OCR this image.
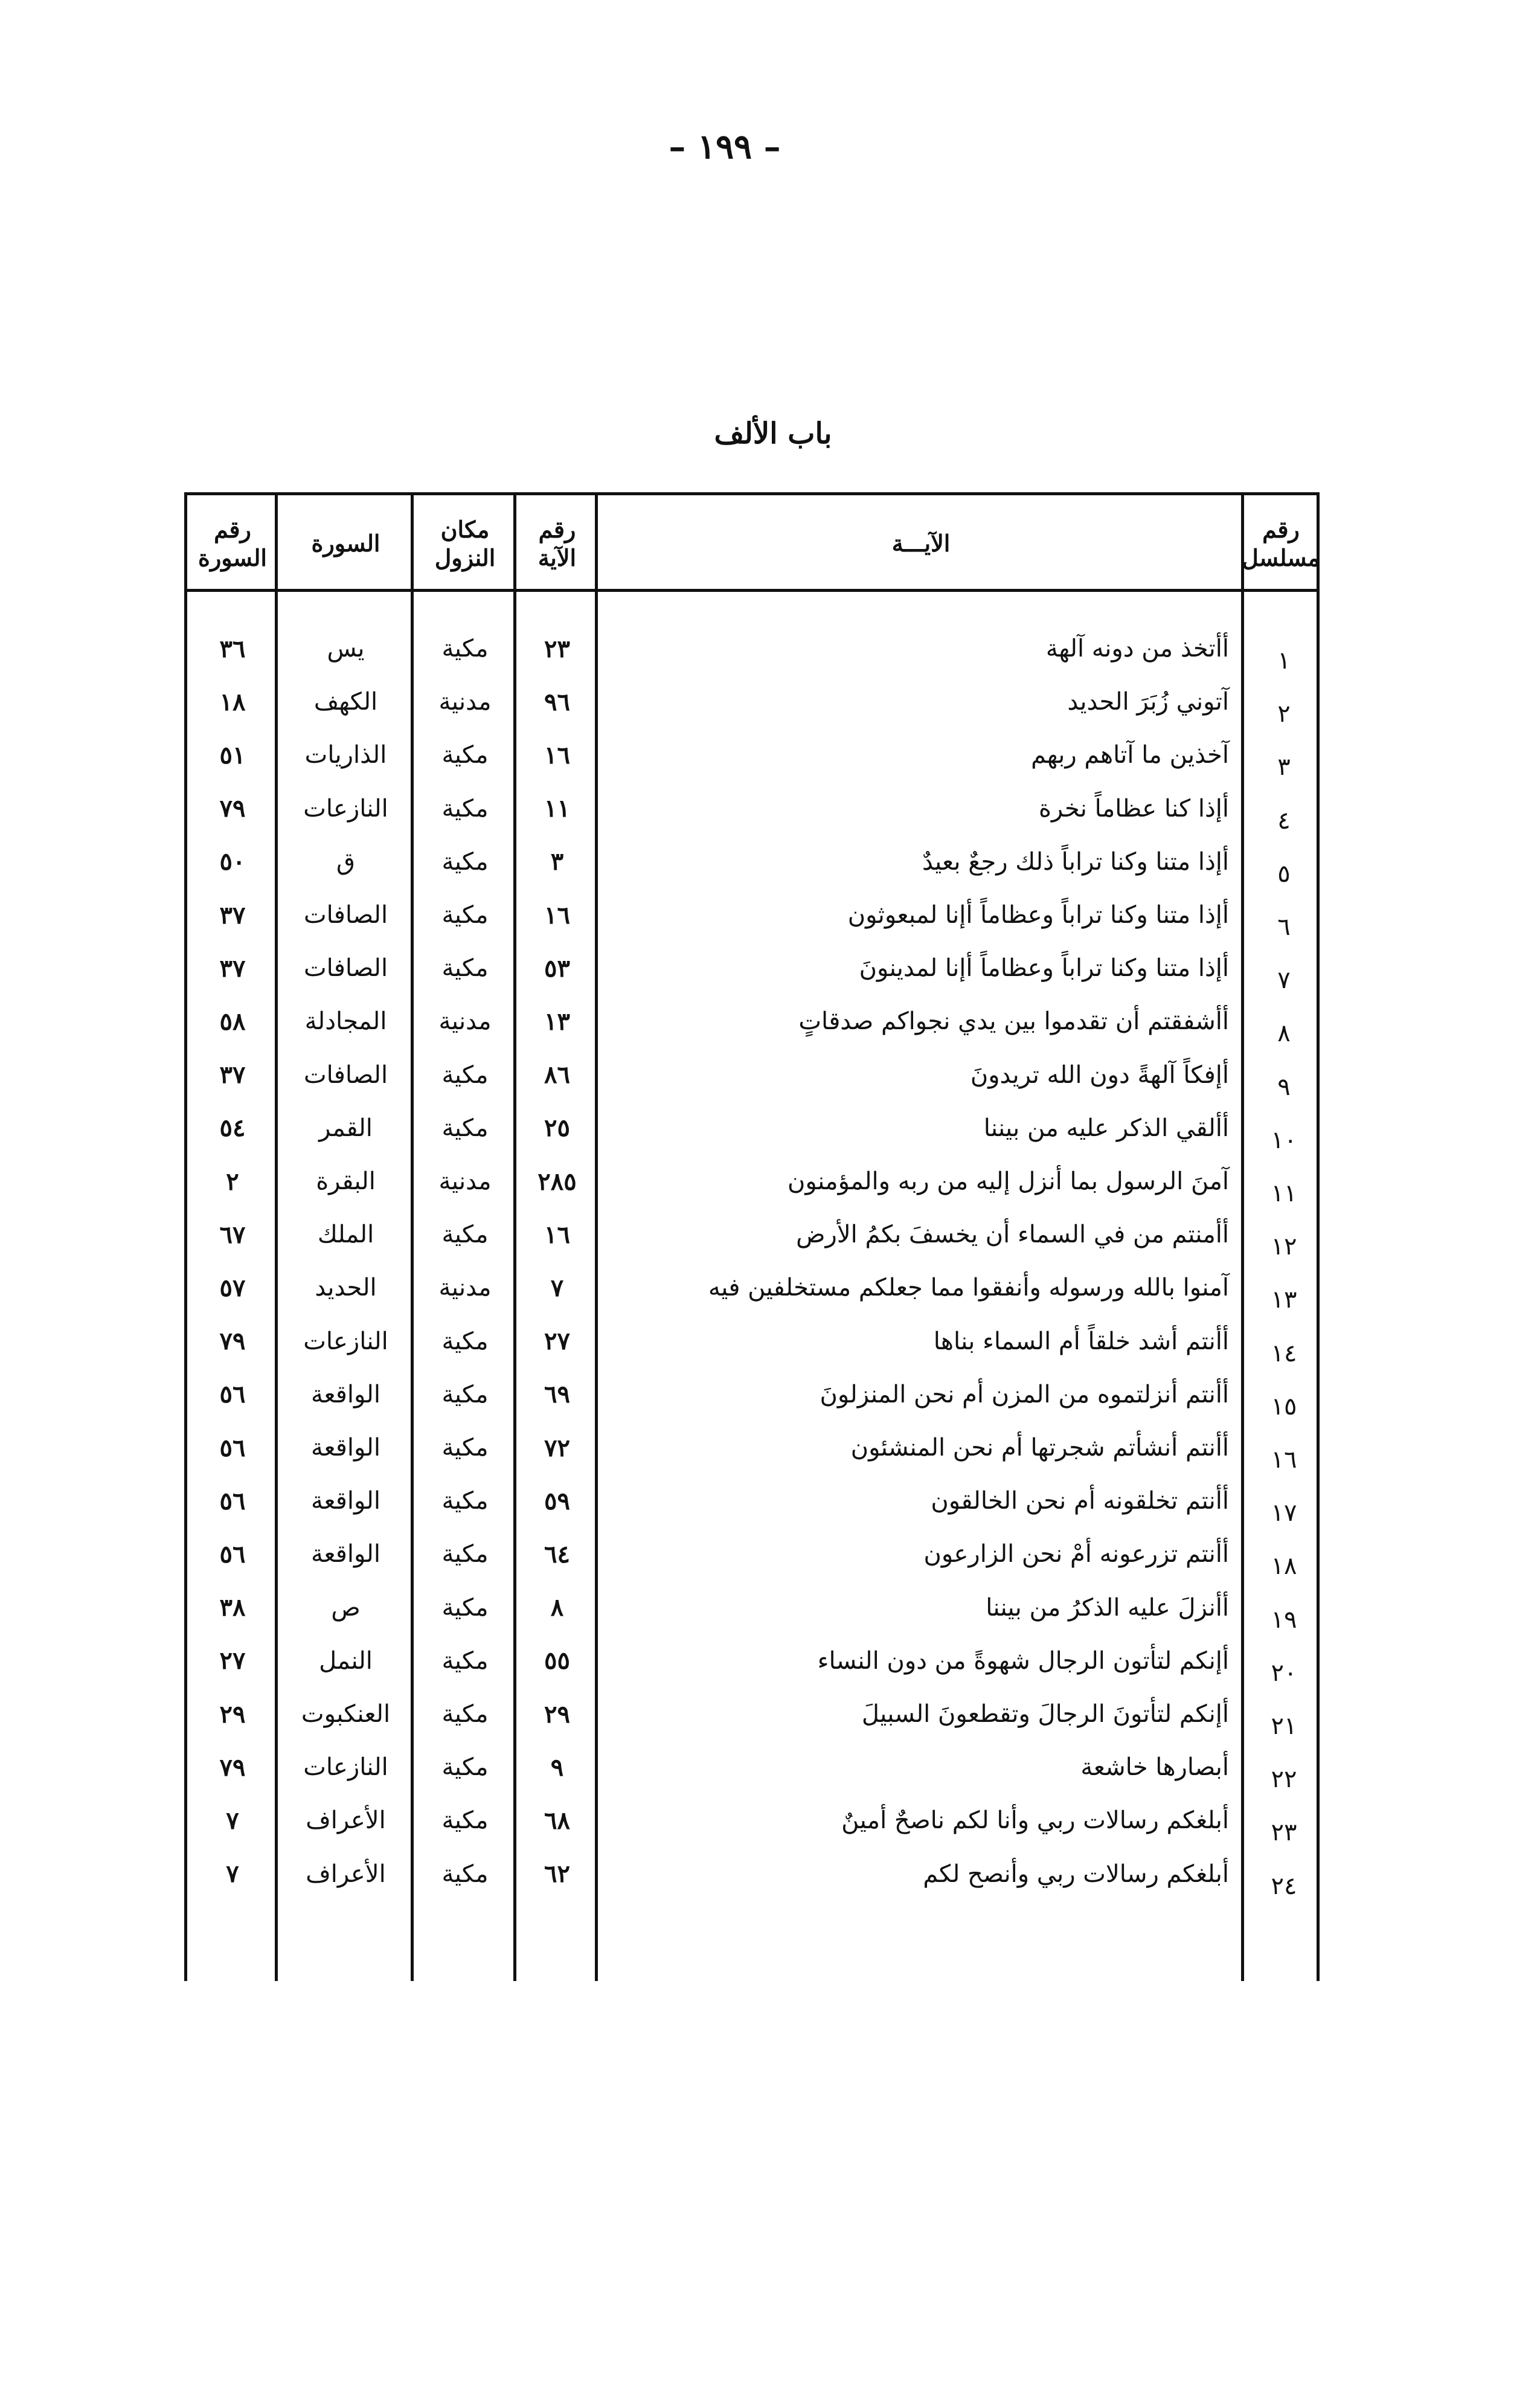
– ١٩٩ –
باب الألف
رقم مسلسل
الآيـــة
رقم الآية
مكان النزول
السورة
رقم السورة
١
أأتخذ من دونه آلهة
٢٣
مكية
يس
٣٦
٢
آتوني زُبَرَ الحديد
٩٦
مدنية
الكهف
١٨
٣
آخذين ما آتاهم ربهم
١٦
مكية
الذاريات
٥١
٤
أإذا كنا عظاماً نخرة
١١
مكية
النازعات
٧٩
٥
أإذا متنا وكنا تراباً ذلك رجعٌ بعيدٌ
٣
مكية
ق
٥٠
٦
أإذا متنا وكنا تراباً وعظاماً أإنا لمبعوثون
١٦
مكية
الصافات
٣٧
٧
أإذا متنا وكنا تراباً وعظاماً أإنا لمدينونَ
٥٣
مكية
الصافات
٣٧
٨
أأشفقتم أن تقدموا بين يدي نجواكم صدقاتٍ
١٣
مدنية
المجادلة
٥٨
٩
أإفكاً آلهةً دون الله تريدونَ
٨٦
مكية
الصافات
٣٧
١٠
أألقي الذكر عليه من بيننا
٢٥
مكية
القمر
٥٤
١١
آمنَ الرسول بما أنزل إليه من ربه والمؤمنون
٢٨٥
مدنية
البقرة
٢
١٢
أأمنتم من في السماء أن يخسفَ بكمُ الأرض
١٦
مكية
الملك
٦٧
١٣
آمنوا بالله ورسوله وأنفقوا مما جعلكم مستخلفين فيه
٧
مدنية
الحديد
٥٧
١٤
أأنتم أشد خلقاً أم السماء بناها
٢٧
مكية
النازعات
٧٩
١٥
أأنتم أنزلتموه من المزن أم نحن المنزلونَ
٦٩
مكية
الواقعة
٥٦
١٦
أأنتم أنشأتم شجرتها أم نحن المنشئون
٧٢
مكية
الواقعة
٥٦
١٧
أأنتم تخلقونه أم نحن الخالقون
٥٩
مكية
الواقعة
٥٦
١٨
أأنتم تزرعونه أمْ نحن الزارعون
٦٤
مكية
الواقعة
٥٦
١٩
أأنزلَ عليه الذكرُ من بيننا
٨
مكية
ص
٣٨
٢٠
أإنكم لتأتون الرجال شهوةً من دون النساء
٥٥
مكية
النمل
٢٧
٢١
أإنكم لتأتونَ الرجالَ وتقطعونَ السبيلَ
٢٩
مكية
العنكبوت
٢٩
٢٢
أبصارها خاشعة
٩
مكية
النازعات
٧٩
٢٣
أبلغكم رسالات ربي وأنا لكم ناصحٌ أمينٌ
٦٨
مكية
الأعراف
٧
٢٤
أبلغكم رسالات ربي وأنصح لكم
٦٢
مكية
الأعراف
٧
